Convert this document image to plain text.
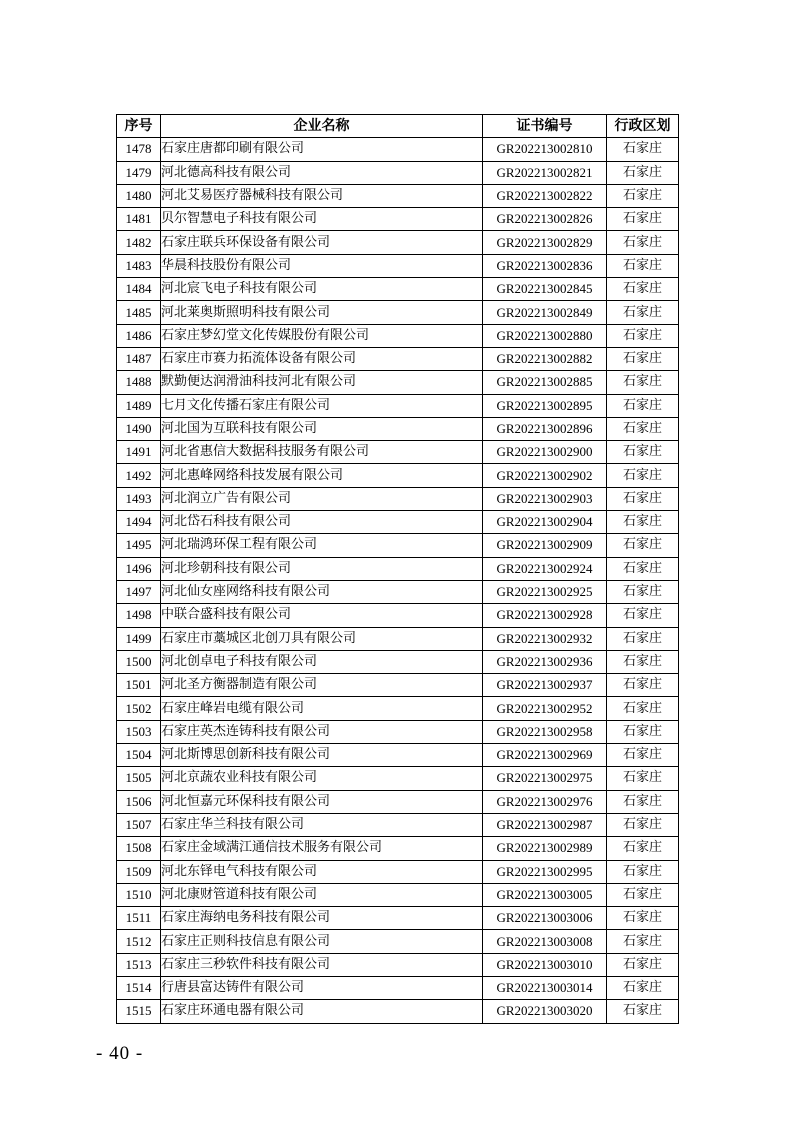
序号	企业名称	证书编号	行政区划
1478	石家庄唐都印刷有限公司	GR202213002810	石家庄
1479	河北德高科技有限公司	GR202213002821	石家庄
1480	河北艾易医疗器械科技有限公司	GR202213002822	石家庄
1481	贝尔智慧电子科技有限公司	GR202213002826	石家庄
1482	石家庄联兵环保设备有限公司	GR202213002829	石家庄
1483	华晨科技股份有限公司	GR202213002836	石家庄
1484	河北宸飞电子科技有限公司	GR202213002845	石家庄
1485	河北莱奥斯照明科技有限公司	GR202213002849	石家庄
1486	石家庄梦幻堂文化传媒股份有限公司	GR202213002880	石家庄
1487	石家庄市赛力拓流体设备有限公司	GR202213002882	石家庄
1488	默勤便达润滑油科技河北有限公司	GR202213002885	石家庄
1489	七月文化传播石家庄有限公司	GR202213002895	石家庄
1490	河北国为互联科技有限公司	GR202213002896	石家庄
1491	河北省惠信大数据科技服务有限公司	GR202213002900	石家庄
1492	河北惠峰网络科技发展有限公司	GR202213002902	石家庄
1493	河北润立广告有限公司	GR202213002903	石家庄
1494	河北岱石科技有限公司	GR202213002904	石家庄
1495	河北瑞鸿环保工程有限公司	GR202213002909	石家庄
1496	河北珍朝科技有限公司	GR202213002924	石家庄
1497	河北仙女座网络科技有限公司	GR202213002925	石家庄
1498	中联合盛科技有限公司	GR202213002928	石家庄
1499	石家庄市藁城区北创刀具有限公司	GR202213002932	石家庄
1500	河北创卓电子科技有限公司	GR202213002936	石家庄
1501	河北圣方衡器制造有限公司	GR202213002937	石家庄
1502	石家庄峰岩电缆有限公司	GR202213002952	石家庄
1503	石家庄英杰连铸科技有限公司	GR202213002958	石家庄
1504	河北斯博思创新科技有限公司	GR202213002969	石家庄
1505	河北京蔬农业科技有限公司	GR202213002975	石家庄
1506	河北恒嘉元环保科技有限公司	GR202213002976	石家庄
1507	石家庄华兰科技有限公司	GR202213002987	石家庄
1508	石家庄金域满江通信技术服务有限公司	GR202213002989	石家庄
1509	河北东铎电气科技有限公司	GR202213002995	石家庄
1510	河北康财管道科技有限公司	GR202213003005	石家庄
1511	石家庄海纳电务科技有限公司	GR202213003006	石家庄
1512	石家庄正则科技信息有限公司	GR202213003008	石家庄
1513	石家庄三秒软件科技有限公司	GR202213003010	石家庄
1514	行唐县富达铸件有限公司	GR202213003014	石家庄
1515	石家庄环通电器有限公司	GR202213003020	石家庄
- 40 -
